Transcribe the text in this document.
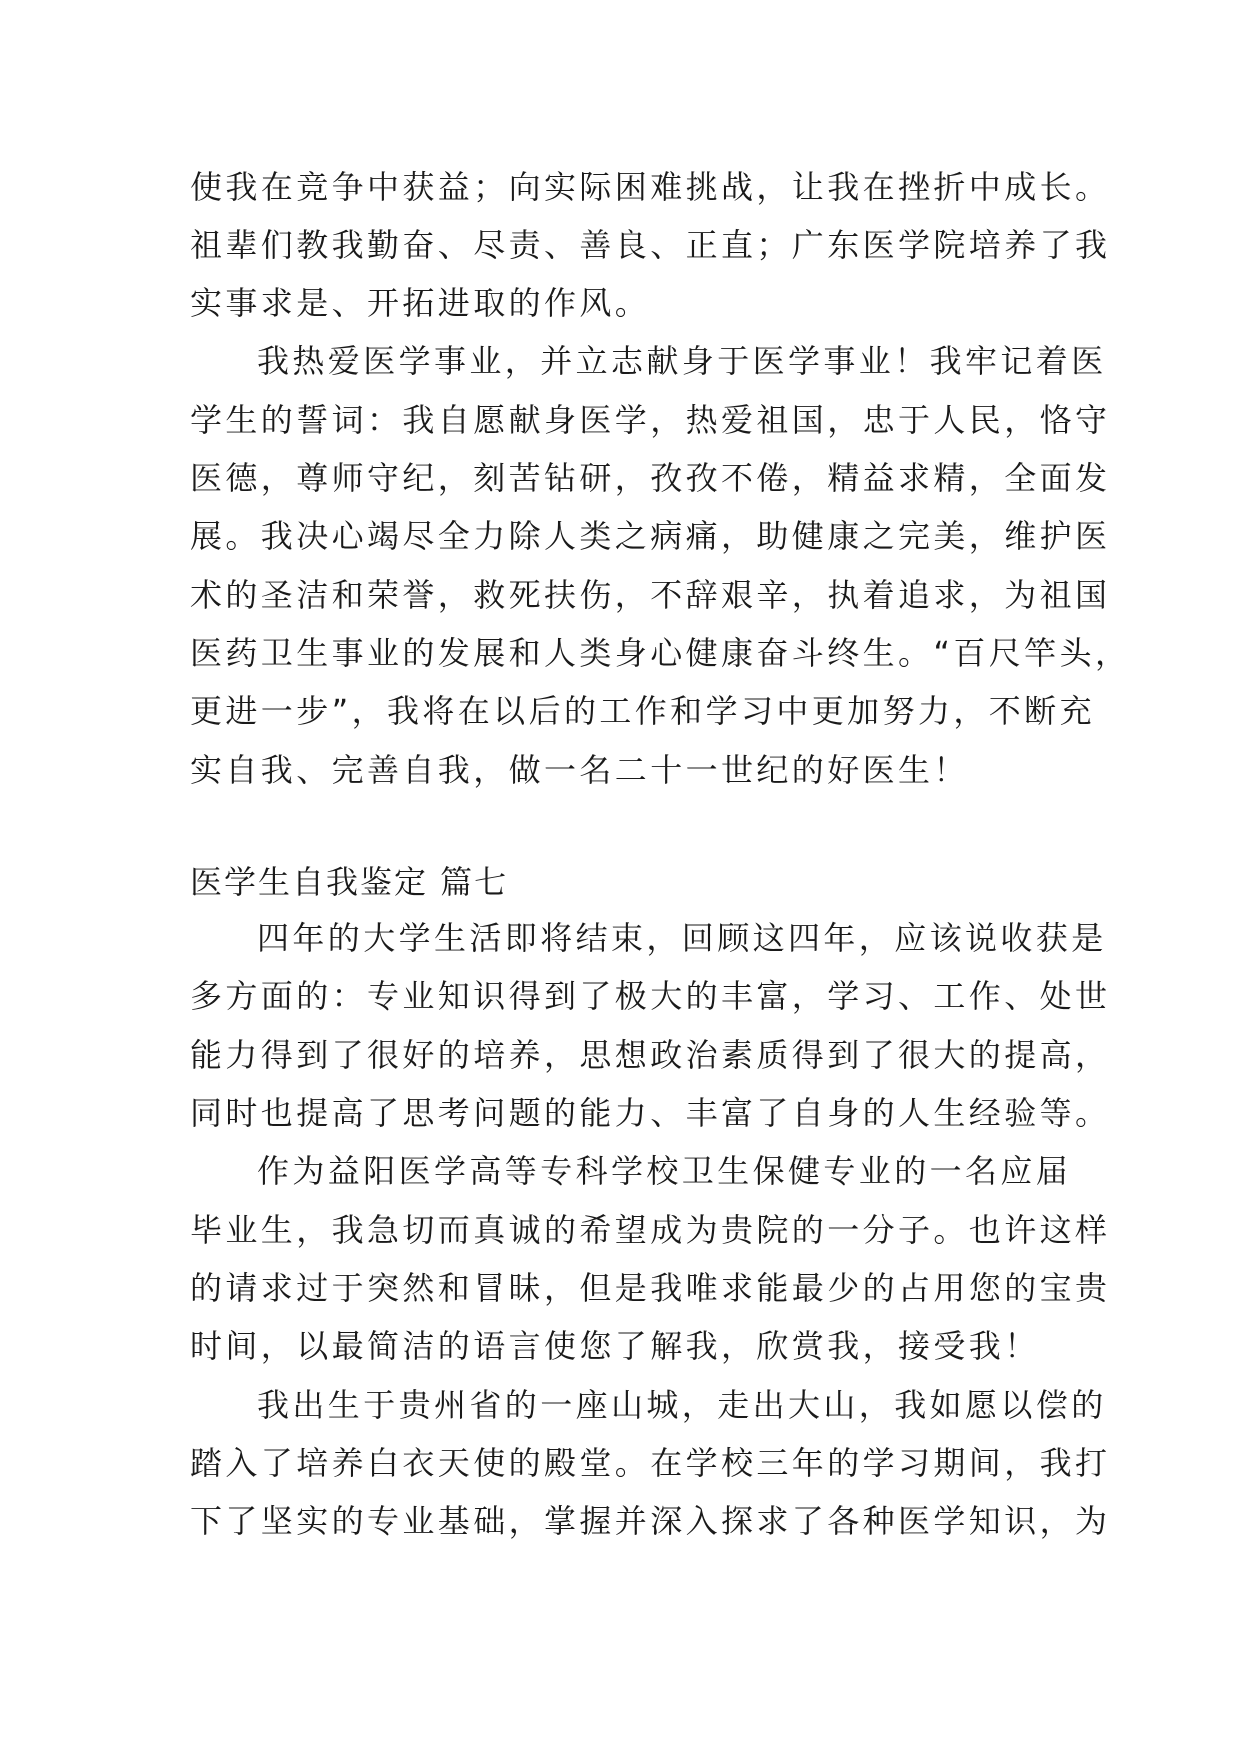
使我在竞争中获益；向实际困难挑战，让我在挫折中成长。
祖辈们教我勤奋、尽责、善良、正直；广东医学院培养了我
实事求是、开拓进取的作风。
我热爱医学事业，并立志献身于医学事业！我牢记着医
学生的誓词：我自愿献身医学，热爱祖国，忠于人民，恪守
医德，尊师守纪，刻苦钻研，孜孜不倦，精益求精，全面发
展。我决心竭尽全力除人类之病痛，助健康之完美，维护医
术的圣洁和荣誉，救死扶伤，不辞艰辛，执着追求，为祖国
医药卫生事业的发展和人类身心健康奋斗终生。“百尺竿头，
更进一步”，我将在以后的工作和学习中更加努力，不断充
实自我、完善自我，做一名二十一世纪的好医生！
医学生自我鉴定 篇七
四年的大学生活即将结束，回顾这四年，应该说收获是
多方面的：专业知识得到了极大的丰富，学习、工作、处世
能力得到了很好的培养，思想政治素质得到了很大的提高，
同时也提高了思考问题的能力、丰富了自身的人生经验等。
作为益阳医学高等专科学校卫生保健专业的一名应届
毕业生，我急切而真诚的希望成为贵院的一分子。也许这样
的请求过于突然和冒昧，但是我唯求能最少的占用您的宝贵
时间，以最简洁的语言使您了解我，欣赏我，接受我！
我出生于贵州省的一座山城，走出大山，我如愿以偿的
踏入了培养白衣天使的殿堂。在学校三年的学习期间，我打
下了坚实的专业基础，掌握并深入探求了各种医学知识，为
